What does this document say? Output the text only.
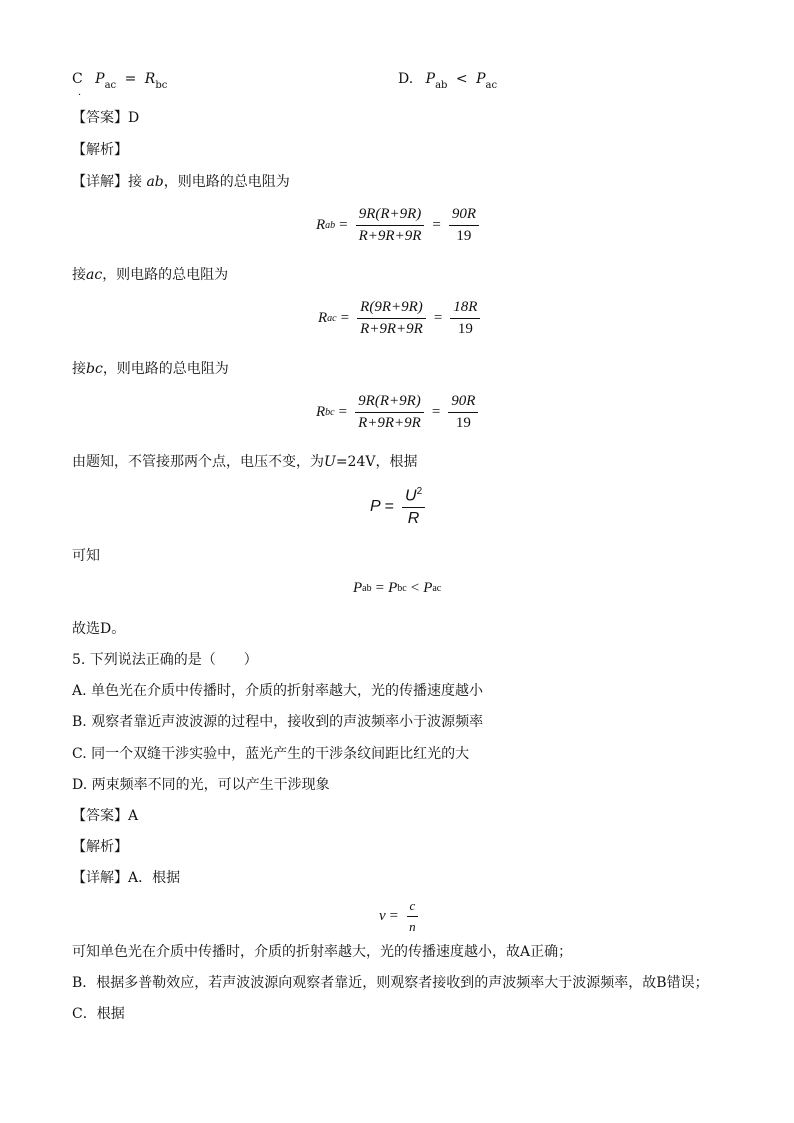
C $P_{ac} = R_{bc}$
．
D. $P_{ab} < P_{ac}$
【答案】D
【解析】
【详解】接 ab，则电路的总电阻为
R ab = $\frac{9R(R+9R)}{R+9R+9R} = \frac{90R}{19}$
接ac，则电路的总电阻为
R ac = $\frac{R(9R+9R)}{R+9R+9R} = \frac{18R}{19}$
接bc，则电路的总电阻为
R bc = $\frac{9R(R+9R)}{R+9R+9R} = \frac{90R}{19}$
由题知，不管接那两个点，电压不变，为U=24V，根据
$P = \frac{U^2}{R}$
可知
P ab = P bc < P ac
故选D。
5. 下列说法正确的是（　　）
A. 单色光在介质中传播时，介质的折射率越大，光的传播速度越小
B. 观察者靠近声波波源的过程中，接收到的声波频率小于波源频率
C. 同一个双缝干涉实验中，蓝光产生的干涉条纹间距比红光的大
D. 两束频率不同的光，可以产生干涉现象
【答案】A
【解析】
【详解】A．根据
$v = \frac{c}{n}$
可知单色光在介质中传播时，介质的折射率越大，光的传播速度越小，故A正确；
B．根据多普勒效应，若声波波源向观察者靠近，则观察者接收到的声波频率大于波源频率，故B错误；
C．根据
